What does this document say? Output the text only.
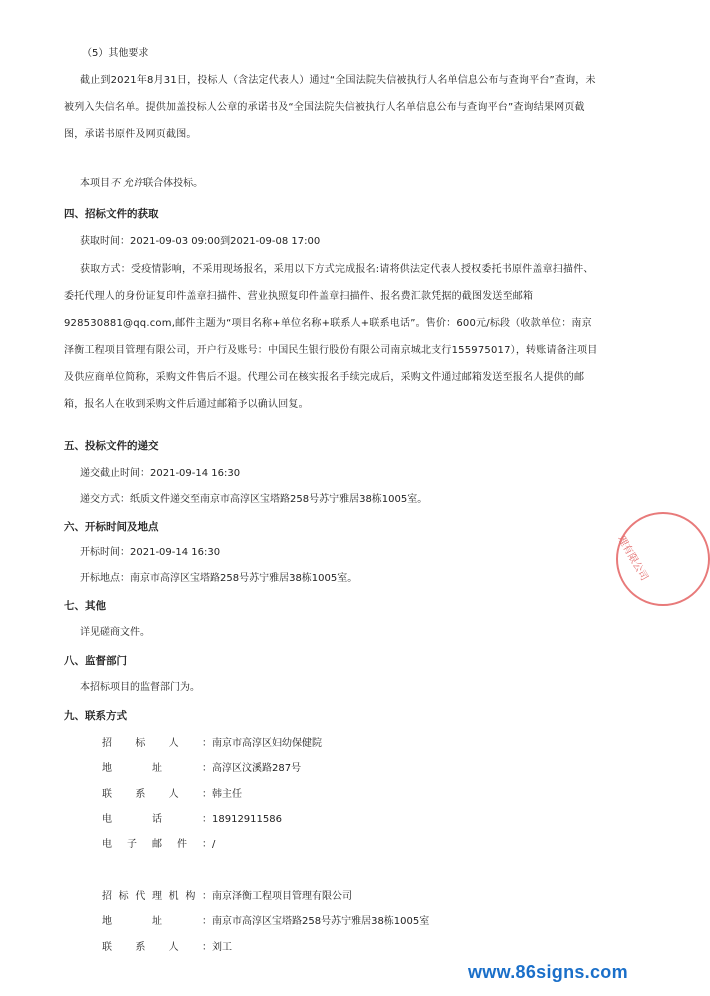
（5）其他要求
截止到2021年8月31日，投标人（含法定代表人）通过“全国法院失信被执行人名单信息公布与查询平台”查询，未被列入失信名单。提供加盖投标人公章的承诺书及“全国法院失信被执行人名单信息公布与查询平台”查询结果网页截图，承诺书原件及网页截图。
本项目不 允许联合体投标。
四、招标文件的获取
获取时间：2021-09-03 09:00到2021-09-08 17:00
获取方式：受疫情影响，不采用现场报名，采用以下方式完成报名:请将供法定代表人授权委托书原件盖章扫描件、委托代理人的身份证复印件盖章扫描件、营业执照复印件盖章扫描件、报名费汇款凭据的截图发送至邮箱928530881@qq.com,邮件主题为“项目名称+单位名称+联系人+联系电话”。售价：600元/标段（收款单位：南京泽衡工程项目管理有限公司，开户行及账号：中国民生银行股份有限公司南京城北支行155975017），转账请备注项目及供应商单位简称，采购文件售后不退。代理公司在核实报名手续完成后，采购文件通过邮箱发送至报名人提供的邮箱，报名人在收到采购文件后通过邮箱予以确认回复。
五、投标文件的递交
递交截止时间：2021-09-14 16:30
递交方式：纸质文件递交至南京市高淳区宝塔路258号苏宁雅居38栋1005室。
六、开标时间及地点
开标时间：2021-09-14 16:30
开标地点：南京市高淳区宝塔路258号苏宁雅居38栋1005室。
七、其他
详见磋商文件。
八、监督部门
本招标项目的监督部门为。
九、联系方式
招标人： 南京市高淳区妇幼保健院
地址： 高淳区汶溪路287号
联系人： 韩主任
电话： 18912911586
电子邮件： /
招标代理机构： 南京泽衡工程项目管理有限公司
地址： 南京市高淳区宝塔路258号苏宁雅居38栋1005室
联系人： 刘工
理有限公司
www.86signs.com
